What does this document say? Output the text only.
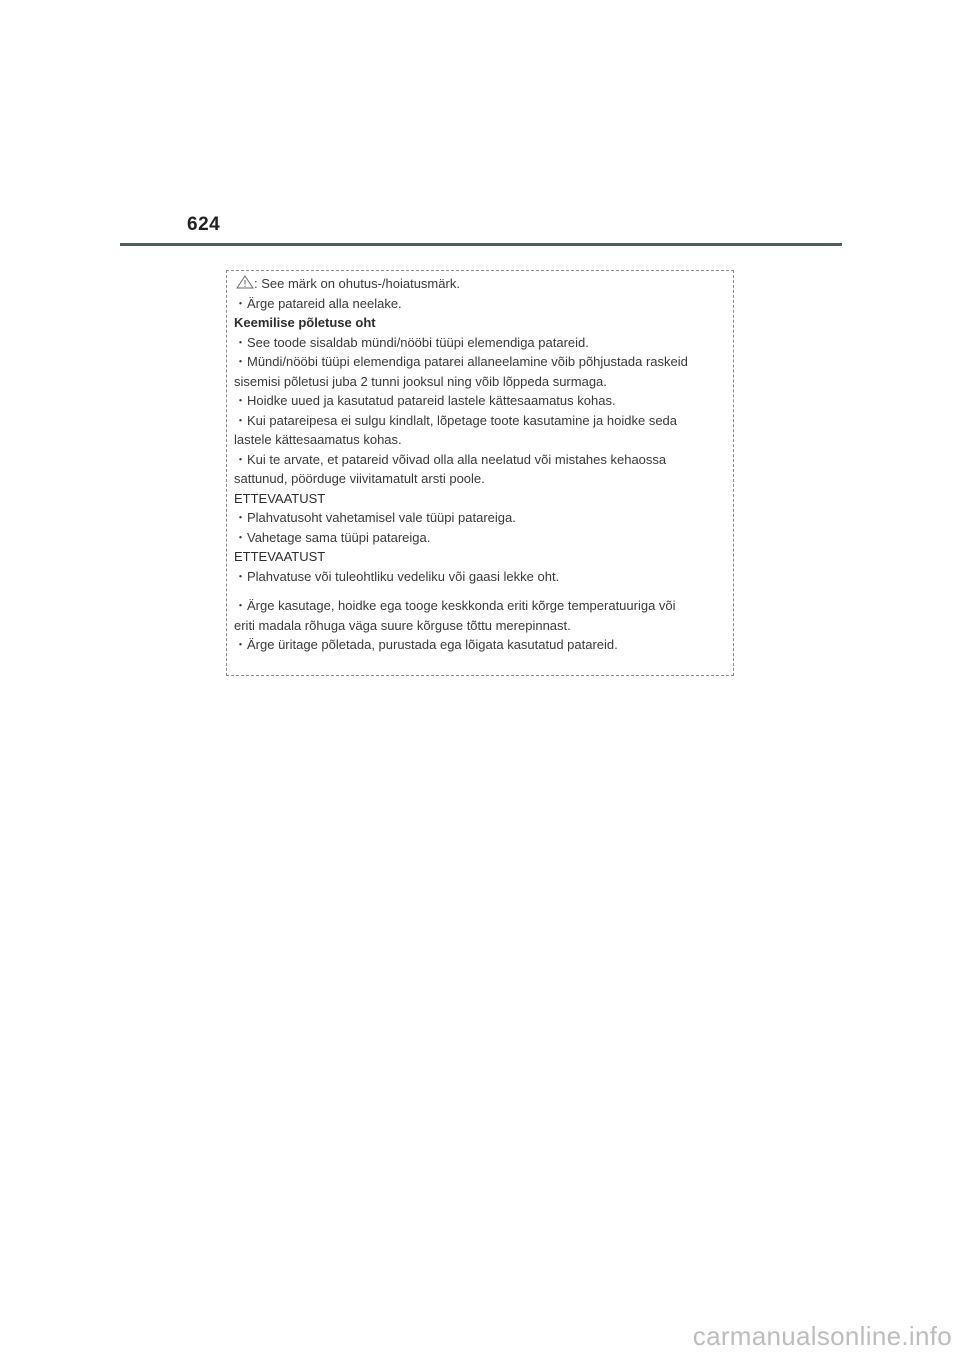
624
: See märk on ohutus-/hoiatusmärk.
・Ärge patareid alla neelake.
Keemilise põletuse oht
・See toode sisaldab mündi/nööbi tüüpi elemendiga patareid.
・Mündi/nööbi tüüpi elemendiga patarei allaneelamine võib põhjustada raskeid
sisemisi põletusi juba 2 tunni jooksul ning võib lõppeda surmaga.
・Hoidke uued ja kasutatud patareid lastele kättesaamatus kohas.
・Kui patareipesa ei sulgu kindlalt, lõpetage toote kasutamine ja hoidke seda
lastele kättesaamatus kohas.
・Kui te arvate, et patareid võivad olla alla neelatud või mistahes kehaossa
sattunud, pöörduge viivitamatult arsti poole.
ETTEVAATUST
・Plahvatusoht vahetamisel vale tüüpi patareiga.
・Vahetage sama tüüpi patareiga.
ETTEVAATUST
・Plahvatuse või tuleohtliku vedeliku või gaasi lekke oht.
・Ärge kasutage, hoidke ega tooge keskkonda eriti kõrge temperatuuriga või
eriti madala rõhuga väga suure kõrguse tõttu merepinnast.
・Ärge üritage põletada, purustada ega lõigata kasutatud patareid.
carmanualsonline.info
